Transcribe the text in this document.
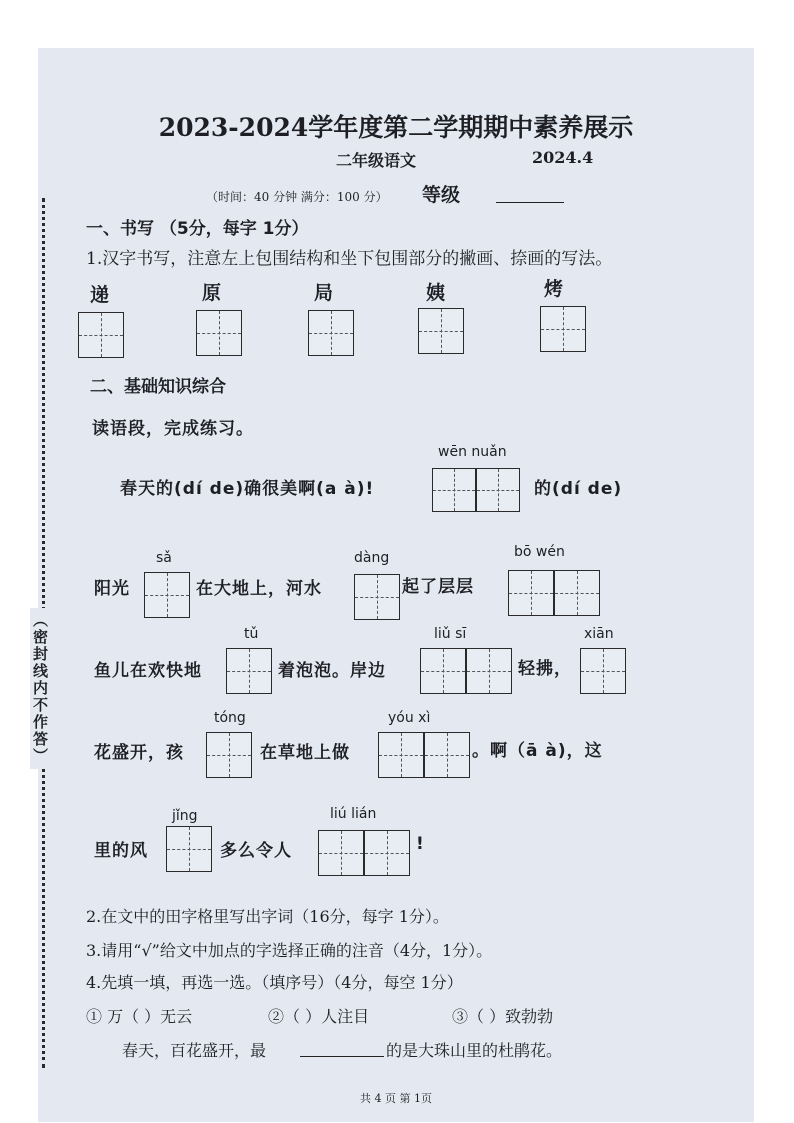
（密封线内不作答）
2023-2024学年度第二学期期中素养展示
二年级语文	2024.4
（时间：40 分钟 满分：100 分） 等级
一、书写 （5分，每字 1分）
1.汉字书写，注意左上包围结构和坐下包围部分的撇画、捺画的写法。
递	原	局	姨	烤
二、基础知识综合
读语段，完成练习。
wēn nuǎn
春天的(dí de)确很美啊(a à)!	的(dí de)
sǎ	dàng	bō wén
阳光	在大地上，河水	起了层层
tǔ	liǔ sī	xiān
鱼儿在欢快地	着泡泡。岸边	轻拂，
tóng	yóu xì
花盛开，孩	在草地上做	。啊（ā à)，这
jǐng	liú lián
里的风	多么令人	!
2.在文中的田字格里写出字词（16分，每字 1分）。
3.请用“√”给文中加点的字选择正确的注音（4分，1分）。
4.先填一填，再选一选。（填序号）（4分，每空 1分）
① 万（ ）无云	②（ ）人注目	③（ ）致勃勃
春天，百花盛开，最	的是大珠山里的杜鹃花。
共 4 页 第 1页
